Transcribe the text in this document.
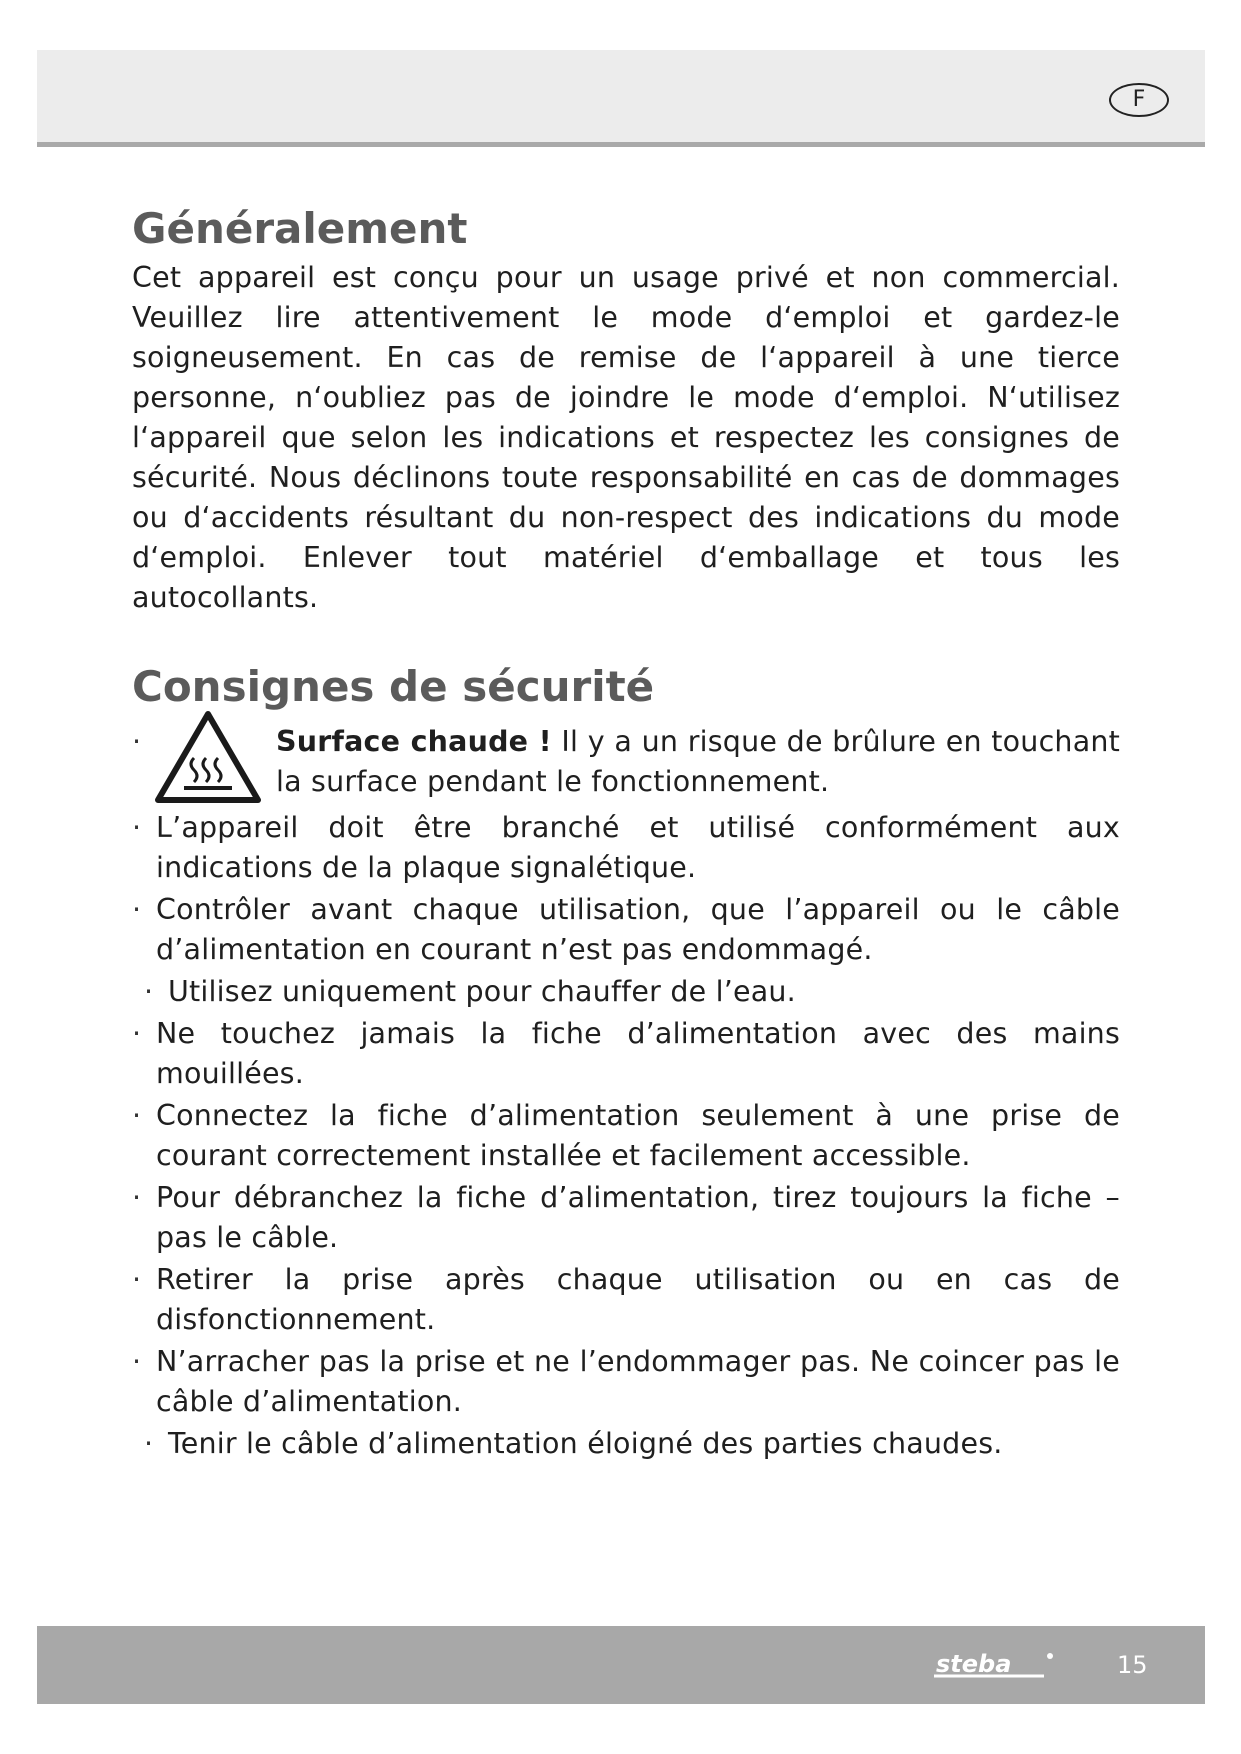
F
Généralement

Cet appareil est conçu pour un usage privé et non commercial. Veuillez lire attentivement le mode d‘emploi et gardez-le soigneusement. En cas de remise de l‘appareil à une tierce personne, n‘oubliez pas de joindre le mode d‘emploi. N‘utilisez l‘appareil que selon les indications et respectez les consignes de sécurité. Nous déclinons toute responsabilité en cas de dommages ou d‘accidents résultant du non-respect des indications du mode d‘emploi. Enlever tout matériel d‘emballage et tous les autocollants.

Consignes de sécurité
·	Surface chaude ! Il y a un risque de brûlure en touchant la surface pendant le fonctionnement.
· L’appareil doit être branché et utilisé conformément aux indications de la plaque signalétique.
· Contrôler avant chaque utilisation, que l’appareil ou le câble d’alimentation en courant n’est pas endommagé.
· Utilisez uniquement pour chauffer de l’eau.
· Ne touchez jamais la fiche d’alimentation avec des mains mouillées.
· Connectez la fiche d’alimentation seulement à une prise de courant correctement installée et facilement accessible.
· Pour débranchez la fiche d’alimentation, tirez toujours la fiche – pas le câble.
· Retirer la prise après chaque utilisation ou en cas de disfonctionnement.
· N’arracher pas la prise et ne l’endommager pas. Ne coincer pas le câble d’alimentation.
· Tenir le câble d’alimentation éloigné des parties chaudes.
steba	15
